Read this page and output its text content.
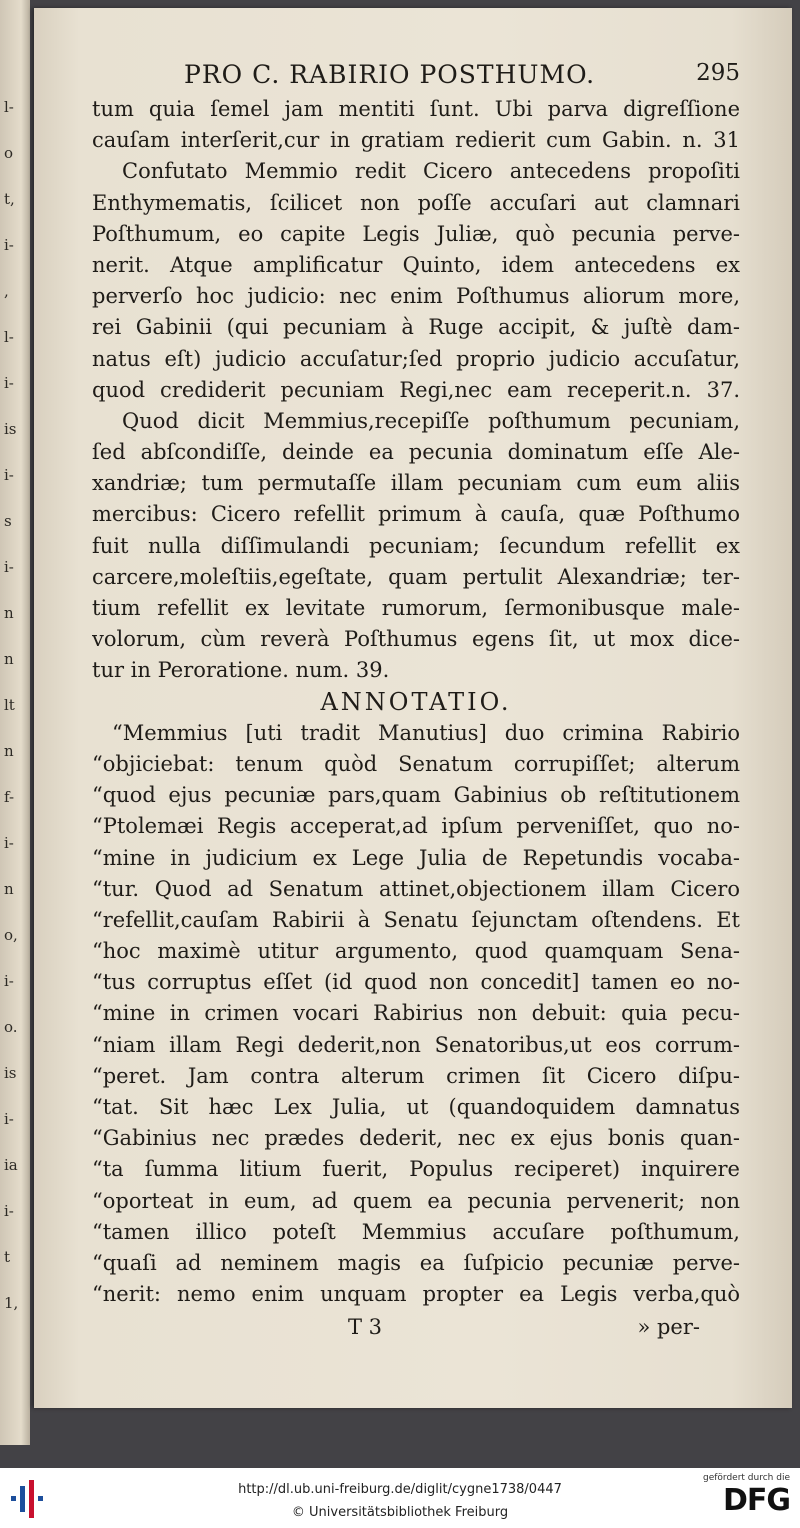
l-
o
t,
i-
,
l-
i-
is
i-
s
i-
n
n
lt
n
f-
i-
n
o,
i-
o.
is
i-
ia
i-
t
1,
PRO C. RABIRIO POSTHUMO.	295
tum quia ſemel jam mentiti ſunt. Ubi parva digreſſione
cauſam interſerit,cur in gratiam redierit cum Gabin. n. 31
Confutato Memmio redit Cicero antecedens propoſiti
Enthymematis, ſcilicet non poſſe accuſari aut clamnari
Poſthumum, eo capite Legis Juliæ, quò pecunia perve-
nerit. Atque amplificatur Quinto, idem antecedens ex
perverſo hoc judicio: nec enim Poſthumus aliorum more,
rei Gabinii (qui pecuniam à Ruge accipit, & juſtè dam-
natus eſt) judicio accuſatur;ſed proprio judicio accuſatur,
quod crediderit pecuniam Regi,nec eam receperit.n. 37.
Quod dicit Memmius,recepiſſe poſthumum pecuniam,
ſed abſcondiſſe, deinde ea pecunia dominatum eſſe Ale-
xandriæ; tum permutaſſe illam pecuniam cum eum aliis
mercibus: Cicero refellit primum à cauſa, quæ Poſthumo
fuit nulla diſſimulandi pecuniam; ſecundum refellit ex
carcere,moleſtiis,egeſtate, quam pertulit Alexandriæ; ter-
tium refellit ex levitate rumorum, ſermonibusque male-
volorum, cùm reverà Poſthumus egens ſit, ut mox dice-
tur in Peroratione. num. 39.
ANNOTATIO.
“Memmius [uti tradit Manutius] duo crimina Rabirio
“objiciebat: tenum quòd Senatum corrupiſſet; alterum
“quod ejus pecuniæ pars,quam Gabinius ob reſtitutionem
“Ptolemæi Regis acceperat,ad ipſum perveniſſet, quo no-
“mine in judicium ex Lege Julia de Repetundis vocaba-
“tur. Quod ad Senatum attinet,objectionem illam Cicero
“refellit,cauſam Rabirii à Senatu ſejunctam oſtendens. Et
“hoc maximè utitur argumento, quod quamquam Sena-
“tus corruptus eſſet (id quod non concedit] tamen eo no-
“mine in crimen vocari Rabirius non debuit: quia pecu-
“niam illam Regi dederit,non Senatoribus,ut eos corrum-
“peret. Jam contra alterum crimen ſit Cicero diſpu-
“tat. Sit hæc Lex Julia, ut (quandoquidem damnatus
“Gabinius nec prædes dederit, nec ex ejus bonis quan-
“ta ſumma litium fuerit, Populus reciperet) inquirere
“oporteat in eum, ad quem ea pecunia pervenerit; non
“tamen illico poteſt Memmius accuſare poſthumum,
“quaſi ad neminem magis ea ſuſpicio pecuniæ perve-
“nerit: nemo enim unquam propter ea Legis verba,quò
T 3	» per-
http://dl.ub.uni-freiburg.de/diglit/cygne1738/0447
© Universitätsbibliothek Freiburg
gefördert durch die
DFG
